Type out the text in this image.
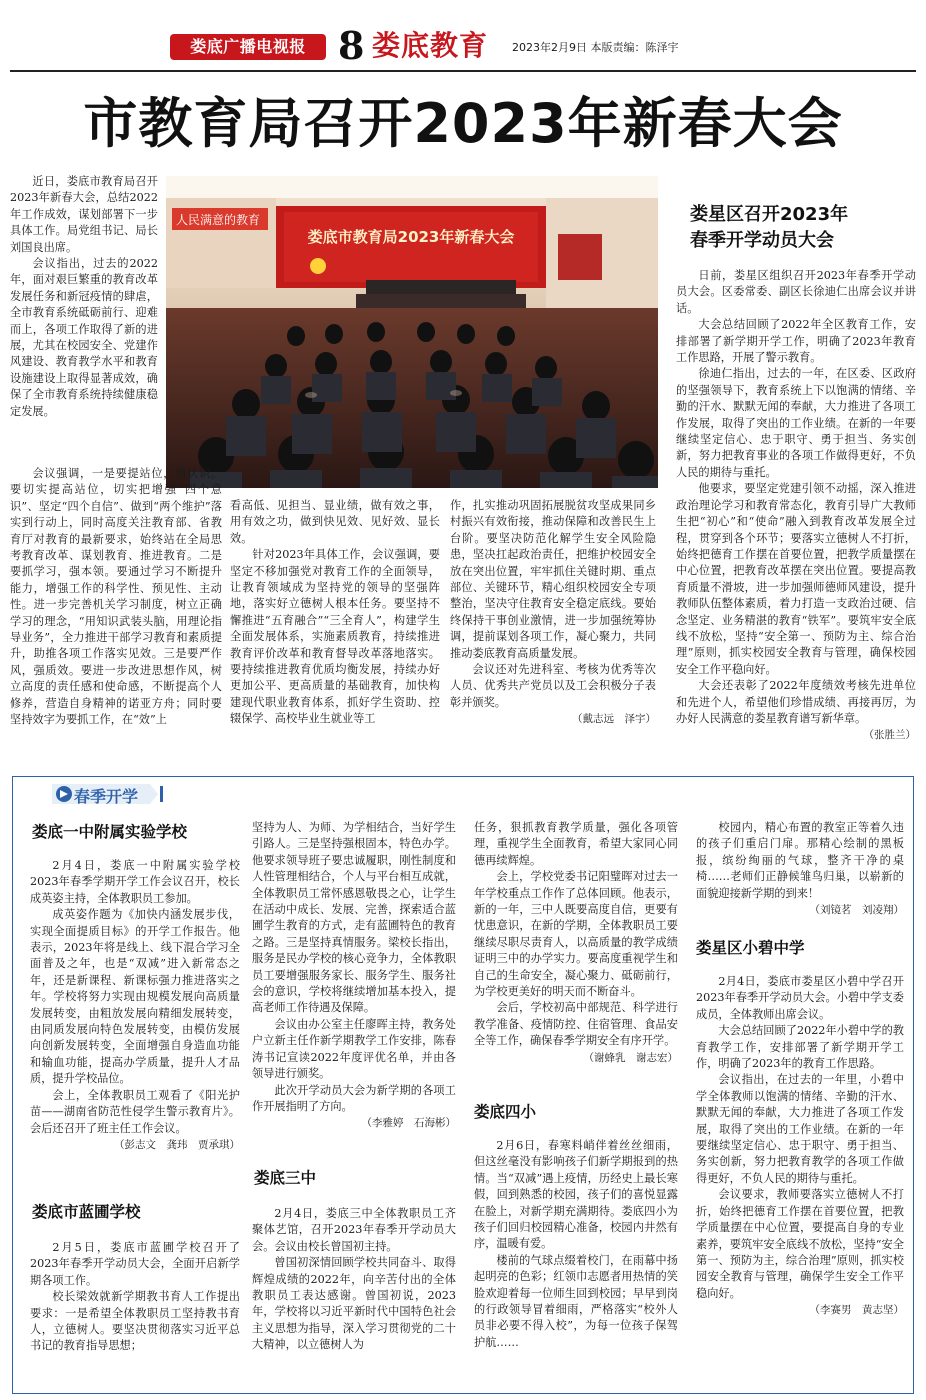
娄底广播电视报 8 娄底教育 2023年2月9日 本版责编：陈泽宇
市教育局召开2023年新春大会
人民满意的教育
娄底市教育局2023年新春大会

近日，娄底市教育局召开2023年新春大会，总结2022年工作成效，谋划部署下一步具体工作。局党组书记、局长刘国良出席。

会议指出，过去的2022年，面对艰巨繁重的教育改革发展任务和新冠疫情的肆虐，全市教育系统砥砺前行、迎难而上，各项工作取得了新的进展，尤其在校园安全、党建作风建设、教育教学水平和教育设施建设上取得显著成效，确保了全市教育系统持续健康稳定发展。

会议强调，一是要提站位，强认识。要切实提高站位，切实把增强“四个意识”、坚定“四个自信”、做到“两个维护”落实到行动上，同时高度关注教育部、省教育厅对教育的最新要求，始终站在全局思考教育改革、谋划教育、推进教育。二是要抓学习，强本领。要通过学习不断提升能力，增强工作的科学性、预见性、主动性。进一步完善机关学习制度，树立正确学习的理念，“用知识武装头脑，用理论指导业务”，全力推进干部学习教育和素质提升，助推各项工作落实见效。三是要严作风，强质效。要进一步改进思想作风，树立高度的责任感和使命感，不断提高个人修养，营造自身精神的诺亚方舟；同时要坚持效字为要抓工作，在“效”上

看高低、见担当、显业绩，做有效之事，用有效之功，做到快见效、见好效、显长效。

针对2023年具体工作，会议强调，要坚定不移加强党对教育工作的全面领导，让教育领域成为坚持党的领导的坚强阵地，落实好立德树人根本任务。要坚持不懈推进“五育融合”“三全育人”，构建学生全面发展体系，实施素质教育，持续推进教育评价改革和教育督导改革落地落实。要持续推进教育优质均衡发展，持续办好更加公平、更高质量的基础教育，加快构建现代职业教育体系，抓好学生资助、控辍保学、高校毕业生就业等工

作，扎实推动巩固拓展脱贫攻坚成果同乡村振兴有效衔接，推动保障和改善民生上台阶。要坚决防范化解学生安全风险隐患，坚决扛起政治责任，把维护校园安全放在突出位置，牢牢抓住关键时期、重点部位、关键环节，精心组织校园安全专项整治，坚决守住教育安全稳定底线。要始终保持干事创业激情，进一步加强统筹协调，提前谋划各项工作，凝心聚力，共同推动娄底教育高质量发展。

会议还对先进科室、考核为优秀等次人员、优秀共产党员以及工会积极分子表彰并颁奖。

（戴志远　泽宇）
娄星区召开2023年
春季开学动员大会

日前，娄星区组织召开2023年春季开学动员大会。区委常委、副区长徐迪仁出席会议并讲话。

大会总结回顾了2022年全区教育工作，安排部署了新学期开学工作，明确了2023年教育工作思路，开展了警示教育。

徐迪仁指出，过去的一年，在区委、区政府的坚强领导下，教育系统上下以饱满的情绪、辛勤的汗水、默默无闻的奉献，大力推进了各项工作发展，取得了突出的工作业绩。在新的一年要继续坚定信心、忠于职守、勇于担当、务实创新，努力把教育事业的各项工作做得更好，不负人民的期待与重托。

他要求，要坚定党建引领不动摇，深入推进政治理论学习和教育常态化，教育引导广大教师生把“初心”和“使命”融入到教育改革发展全过程，贯穿到各个环节；要落实立德树人不打折，始终把德育工作摆在首要位置，把教学质量摆在中心位置，把教育改革摆在突出位置。要提高教育质量不滑坡，进一步加强师德师风建设，提升教师队伍整体素质，着力打造一支政治过硬、信念坚定、业务精湛的教育“铁军”。要筑牢安全底线不放松，坚持“安全第一、预防为主、综合治理”原则，抓实校园安全教育与管理，确保校园安全工作平稳向好。

大会还表彰了2022年度绩效考核先进单位和先进个人，希望他们珍惜成绩、再接再厉，为办好人民满意的娄星教育谱写新华章。

（张胜兰）
春季开学
娄底一中附属实验学校

2月4日，娄底一中附属实验学校2023年春季学期开学工作会议召开，校长成英姿主持，全体教职员工参加。

成英姿作题为《加快内涵发展步伐，实现全面提质目标》的开学工作报告。他表示，2023年将是线上、线下混合学习全面普及之年，也是“双减”进入新常态之年，还是新课程、新课标强力推进落实之年。学校将努力实现由规模发展向高质量发展转变，由粗放发展向精细发展转变，由同质发展向特色发展转变，由模仿发展向创新发展转变，全面增强自身造血功能和输血功能，提高办学质量，提升人才品质，提升学校品位。

会上，全体教职员工观看了《阳光护苗——湖南省防范性侵学生警示教育片》。会后还召开了班主任工作会议。

（彭志文　龚玮　贾承琪）
娄底市蓝圃学校

2月5日，娄底市蓝圃学校召开了2023年春季开学动员大会，全面开启新学期各项工作。

校长梁效就新学期教书育人工作提出要求：一是希望全体教职员工坚持教书育人，立德树人。要坚决贯彻落实习近平总书记的教育指导思想；

坚持为人、为师、为学相结合，当好学生引路人。三是坚持强根固本，特色办学。他要求领导班子要忠诚履职，刚性制度和人性管理相结合，个人与平台相互成就，全体教职员工常怀感恩敬畏之心，让学生在活动中成长、发展、完善，探索适合蓝圃学生教育的方式，走有蓝圃特色的教育之路。三是坚持真情服务。梁校长指出，服务是民办学校的核心竞争力，全体教职员工要增强服务家长、服务学生、服务社会的意识，学校将继续增加基本投入，提高老师工作待遇及保障。

会议由办公室主任廖晖主持，教务处户立新主任作新学期教学工作安排，陈春涛书记宣读2022年度评优名单，并由各领导进行颁奖。

此次开学动员大会为新学期的各项工作开展指明了方向。

（李雅婷　石海彬）
娄底三中

2月4日，娄底三中全体教职员工齐聚体艺馆，召开2023年春季开学动员大会。会议由校长曾国初主持。

曾国初深情回顾学校共同奋斗、取得辉煌成绩的2022年，向辛苦付出的全体教职员工表达感谢。曾国初说，2023年，学校将以习近平新时代中国特色社会主义思想为指导，深入学习贯彻党的二十大精神，以立德树人为

任务，狠抓教育教学质量，强化各项管理，重视学生全面教育，希望大家同心同德再续辉煌。

会上，学校党委书记阳璧晖对过去一年学校重点工作作了总体回顾。他表示，新的一年，三中人既要高度自信，更要有忧患意识，在新的学期，全体教职员工要继续尽职尽责育人，以高质量的教学成绩证明三中的办学实力。要高度重视学生和自己的生命安全，凝心聚力、砥砺前行，为学校更美好的明天而不断奋斗。

会后，学校初高中部规范、科学进行教学准备、疫情防控、住宿管理、食品安全等工作，确保春季学期安全有序开学。

（谢蜂乳　谢志宏）
娄底四小

2月6日，春寒料峭伴着丝丝细雨，但这丝毫没有影响孩子们新学期报到的热情。当“双减”遇上疫情，历经史上最长寒假，回到熟悉的校园，孩子们的喜悦显露在脸上，对新学期充满期待。娄底四小为孩子们回归校园精心准备，校园内井然有序，温暖有爱。

楼前的气球点缀着校门，在雨幕中扬起明亮的色彩；红领巾志愿者用热情的笑脸欢迎着每一位师生回到校园；早早到岗的行政领导冒着细雨，严格落实“校外人员非必要不得入校”，为每一位孩子保驾护航……

校园内，精心布置的教室正等着久违的孩子们重启门扉。那精心绘制的黑板报，缤纷绚丽的气球，整齐干净的桌椅……老师们正静候雏鸟归巢，以崭新的面貌迎接新学期的到来！

（刘镜茗　刘凌翔）
娄星区小碧中学

2月4日，娄底市娄星区小碧中学召开2023年春季开学动员大会。小碧中学支委成员，全体教师出席会议。

大会总结回顾了2022年小碧中学的教育教学工作，安排部署了新学期开学工作，明确了2023年的教育工作思路。

会议指出，在过去的一年里，小碧中学全体教师以饱满的情绪、辛勤的汗水、默默无闻的奉献，大力推进了各项工作发展，取得了突出的工作业绩。在新的一年要继续坚定信心、忠于职守、勇于担当、务实创新，努力把教育教学的各项工作做得更好，不负人民的期待与重托。

会议要求，教师要落实立德树人不打折，始终把德育工作摆在首要位置，把教学质量摆在中心位置，要提高自身的专业素养，要筑牢安全底线不放松，坚持“安全第一、预防为主，综合治理”原则，抓实校园安全教育与管理，确保学生安全工作平稳向好。

（李赛男　黄志坚）
